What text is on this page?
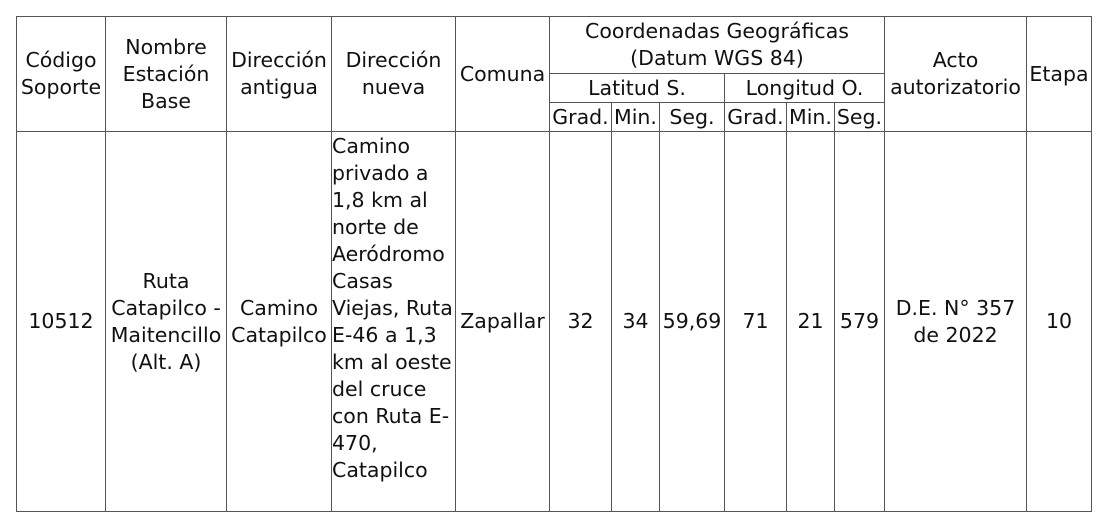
Código Soporte	Nombre Estación Base	Dirección antigua	Dirección nueva	Comuna	Coordenadas Geográficas (Datum WGS 84)						Acto autorizatorio	Etapa
					Latitud S.			Longitud O.				
					Grad.	Min.	Seg.	Grad.	Min.	Seg.		
10512	Ruta Catapilco - Maitencillo (Alt. A)	Camino Catapilco	Camino privado a 1,8 km al norte de Aeródromo Casas Viejas, Ruta E-46 a 1,3 km al oeste del cruce con Ruta E-470, Catapilco	Zapallar	32	34	59,69	71	21	579	D.E. N° 357 de 2022	10
